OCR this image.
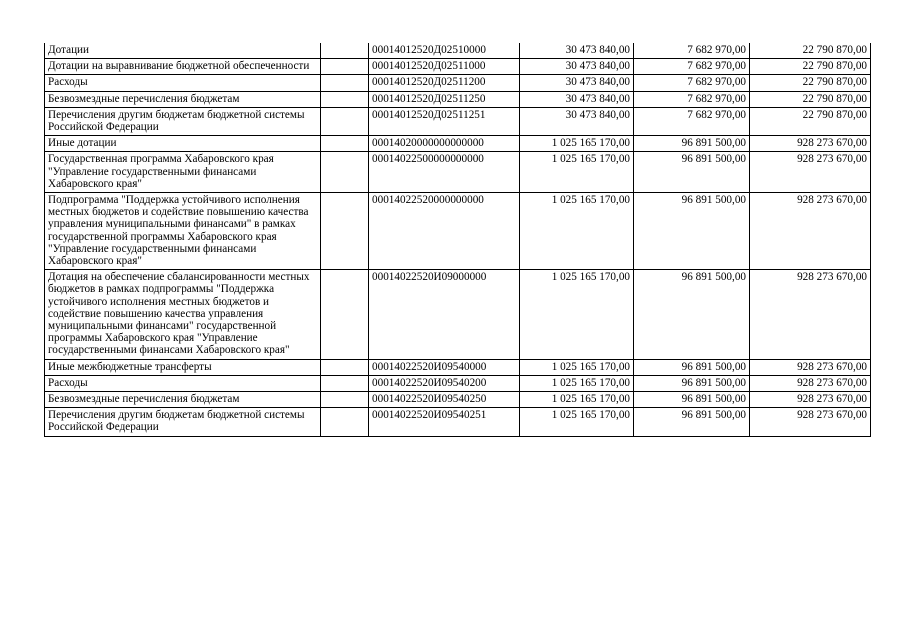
Дотации		00014012520Д02510000	30 473 840,00	7 682 970,00	22 790 870,00
Дотации на выравнивание бюджетной обеспеченности		00014012520Д02511000	30 473 840,00	7 682 970,00	22 790 870,00
Расходы		00014012520Д02511200	30 473 840,00	7 682 970,00	22 790 870,00
Безвозмездные перечисления бюджетам		00014012520Д02511250	30 473 840,00	7 682 970,00	22 790 870,00
Перечисления другим бюджетам бюджетной системы Российской Федерации		00014012520Д02511251	30 473 840,00	7 682 970,00	22 790 870,00
Иные дотации		00014020000000000000	1 025 165 170,00	96 891 500,00	928 273 670,00
Государственная программа Хабаровского края "Управление государственными финансами Хабаровского края"		00014022500000000000	1 025 165 170,00	96 891 500,00	928 273 670,00
Подпрограмма "Поддержка устойчивого исполнения местных бюджетов и содействие повышению качества управления муниципальными финансами" в рамках государственной программы Хабаровского края "Управление государственными финансами Хабаровского края"		00014022520000000000	1 025 165 170,00	96 891 500,00	928 273 670,00
Дотация на обеспечение сбалансированности местных бюджетов в рамках подпрограммы "Поддержка устойчивого исполнения местных бюджетов и содействие повышению качества управления муниципальными финансами" государственной программы Хабаровского края "Управление государственными финансами Хабаровского края"		00014022520И09000000	1 025 165 170,00	96 891 500,00	928 273 670,00
Иные межбюджетные трансферты		00014022520И09540000	1 025 165 170,00	96 891 500,00	928 273 670,00
Расходы		00014022520И09540200	1 025 165 170,00	96 891 500,00	928 273 670,00
Безвозмездные перечисления бюджетам		00014022520И09540250	1 025 165 170,00	96 891 500,00	928 273 670,00
Перечисления другим бюджетам бюджетной системы Российской Федерации		00014022520И09540251	1 025 165 170,00	96 891 500,00	928 273 670,00
